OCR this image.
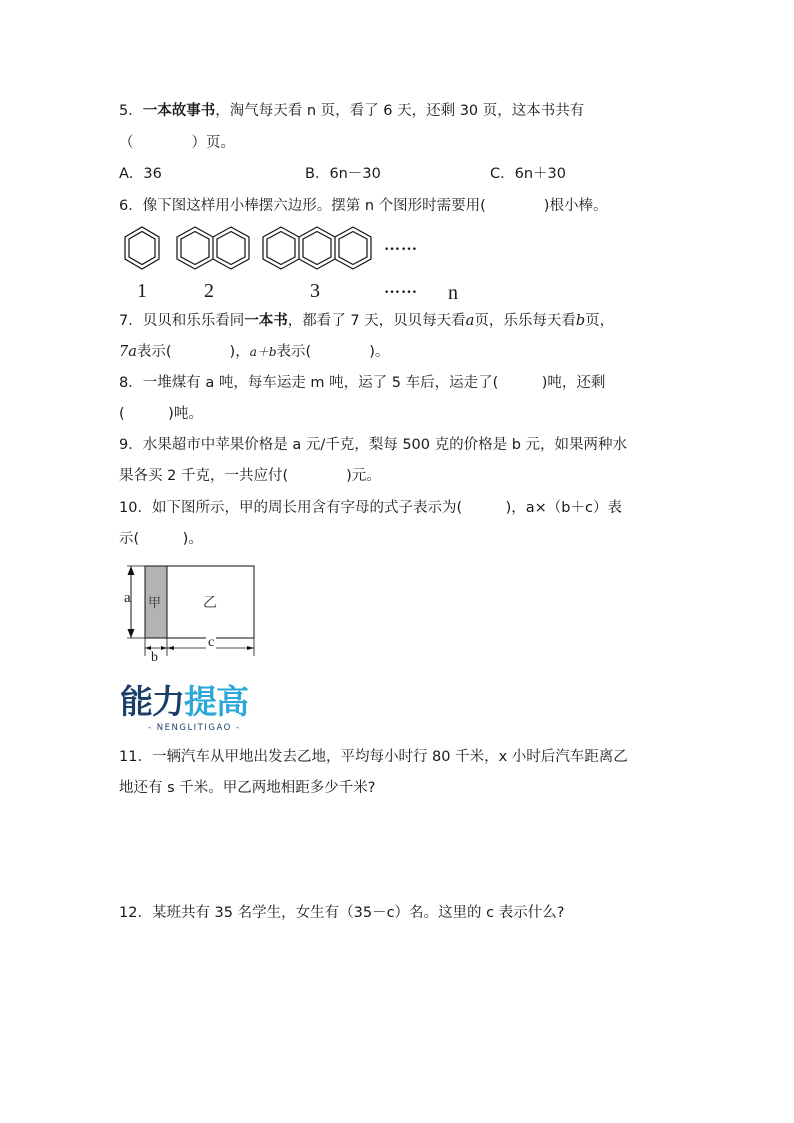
5．一本故事书，淘气每天看 n 页，看了 6 天，还剩 30 页，这本书共有
（　　　　）页。
A．36	B．6n－30	C．6n＋30
6．像下图这样用小棒摆六边形。摆第 n 个图形时需要用(　　　　)根小棒。
……
1	2	3	…… n
7．贝贝和乐乐看同一本书，都看了 7 天，贝贝每天看a页，乐乐每天看b页，
7a表示(　　　　)，a＋b表示(　　　　)。
8．一堆煤有 a 吨，每车运走 m 吨，运了 5 车后，运走了(　　　)吨，还剩
(　　　)吨。
9．水果超市中苹果价格是 a 元/千克，梨每 500 克的价格是 b 元，如果两种水
果各买 2 千克，一共应付(　　　　)元。
10．如下图所示，甲的周长用含有字母的式子表示为(　　　)，a×（b＋c）表
示(　　　)。
a 甲	乙
b
c
能力提高
- NENGLITIGAO -
11．一辆汽车从甲地出发去乙地，平均每小时行 80 千米，x 小时后汽车距离乙
地还有 s 千米。甲乙两地相距多少千米?
12．某班共有 35 名学生，女生有（35－c）名。这里的 c 表示什么?
